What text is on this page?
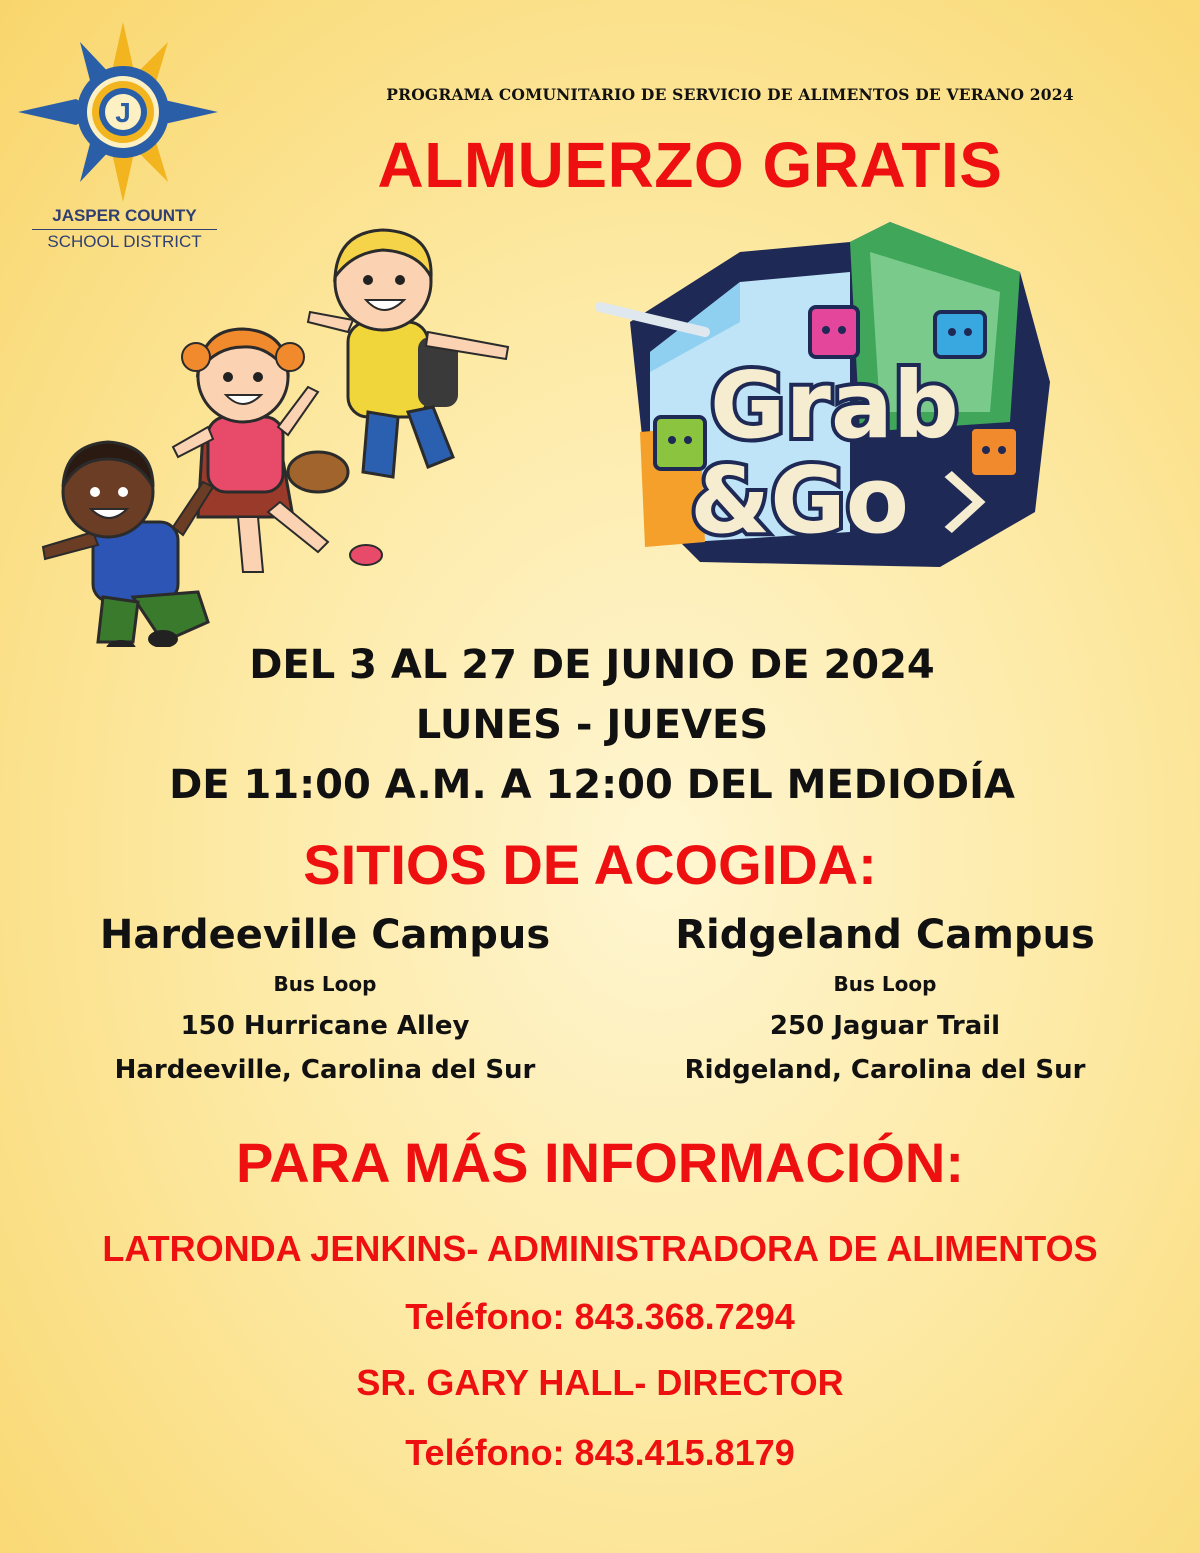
J
JASPER COUNTY
SCHOOL DISTRICT
PROGRAMA COMUNITARIO DE SERVICIO DE ALIMENTOS DE VERANO 2024
ALMUERZO GRATIS
Grab
&Go
DEL 3 AL 27 DE JUNIO DE 2024
LUNES - JUEVES
DE 11:00 A.M. A 12:00 DEL MEDIODÍA
SITIOS DE ACOGIDA:
Hardeeville Campus
Bus Loop
150 Hurricane Alley
Hardeeville, Carolina del Sur
Ridgeland Campus
Bus Loop
250 Jaguar Trail
Ridgeland, Carolina del Sur
PARA MÁS INFORMACIÓN:
LATRONDA JENKINS- ADMINISTRADORA DE ALIMENTOS
Teléfono: 843.368.7294
SR. GARY HALL- DIRECTOR
Teléfono: 843.415.8179
